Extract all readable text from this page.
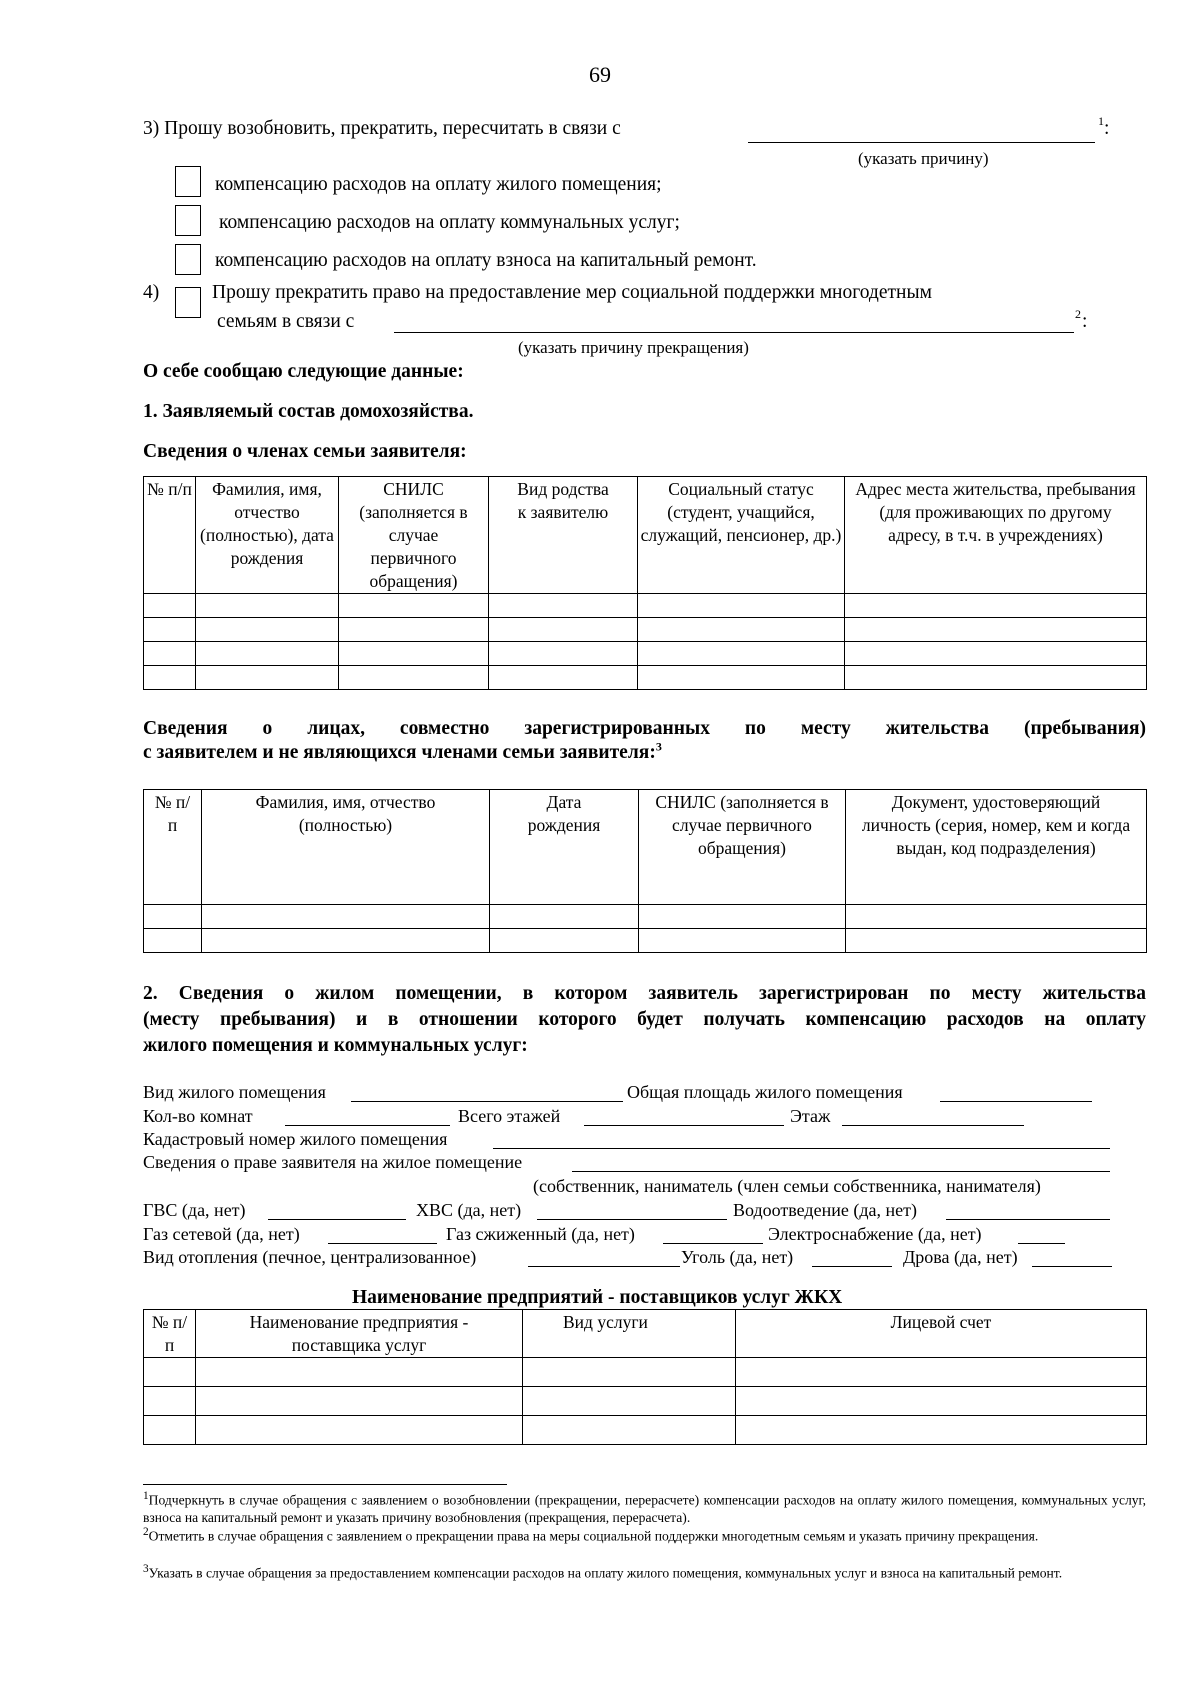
69
3) Прошу возобновить, прекратить, пересчитать в связи с	1 :
(указать причину)
компенсацию расходов на оплату жилого помещения;
компенсацию расходов на оплату коммунальных услуг;
компенсацию расходов на оплату взноса на капитальный ремонт.
4)	Прошу прекратить право на предоставление мер социальной поддержки многодетным
семьям в связи с	2 :
(указать причину прекращения)
О себе сообщаю следующие данные:
1. Заявляемый состав домохозяйства.
Сведения о членах семьи заявителя:
№ п/п	Фамилия, имя, отчество (полностью), дата рождения	СНИЛС (заполняется в случае первичного обращения)	Вид родства к заявителю	Социальный статус (студент, учащийся, служащий, пенсионер, др.)	Адрес места жительства, пребывания (для проживающих по другому адресу, в т.ч. в учреждениях)

Сведения о лицах, совместно зарегистрированных по месту жительства (пребывания)
с заявителем и не являющихся членами семьи заявителя:$^3$
№ п/п	Фамилия, имя, отчество (полностью)	Дата рождения	СНИЛС (заполняется в случае первичного обращения)	Документ, удостоверяющий личность (серия, номер, кем и когда выдан, код подразделения)

2. Сведения о жилом помещении, в котором заявитель зарегистрирован по месту жительства
(месту пребывания) и в отношении которого будет получать компенсацию расходов на оплату
жилого помещения и коммунальных услуг:
Вид жилого помещения	Общая площадь жилого помещения
Кол-во комнат	Всего этажей	Этаж
Кадастровый номер жилого помещения
Сведения о праве заявителя на жилое помещение
(собственник, наниматель (член семьи собственника, нанимателя)
ГВС (да, нет)	ХВС (да, нет)	Водоотведение (да, нет)
Газ сетевой (да, нет)	Газ сжиженный (да, нет)	Электроснабжение (да, нет)
Вид отопления (печное, централизованное)	Уголь (да, нет)	Дрова (да, нет)
Наименование предприятий - поставщиков услуг ЖКХ
№ п/п	Наименование предприятия - поставщика услуг	Вид услуги	Лицевой счет

$^1$Подчеркнуть в случае обращения с заявлением о возобновлении (прекращении, перерасчете) компенсации расходов на оплату жилого помещения, коммунальных услуг, взноса на капитальный ремонт и указать причину возобновления (прекращения, перерасчета).
$^2$Отметить в случае обращения с заявлением о прекращении права на меры социальной поддержки многодетным семьям и указать причину прекращения.
$^3$Указать в случае обращения за предоставлением компенсации расходов на оплату жилого помещения, коммунальных услуг и взноса на капитальный ремонт.
